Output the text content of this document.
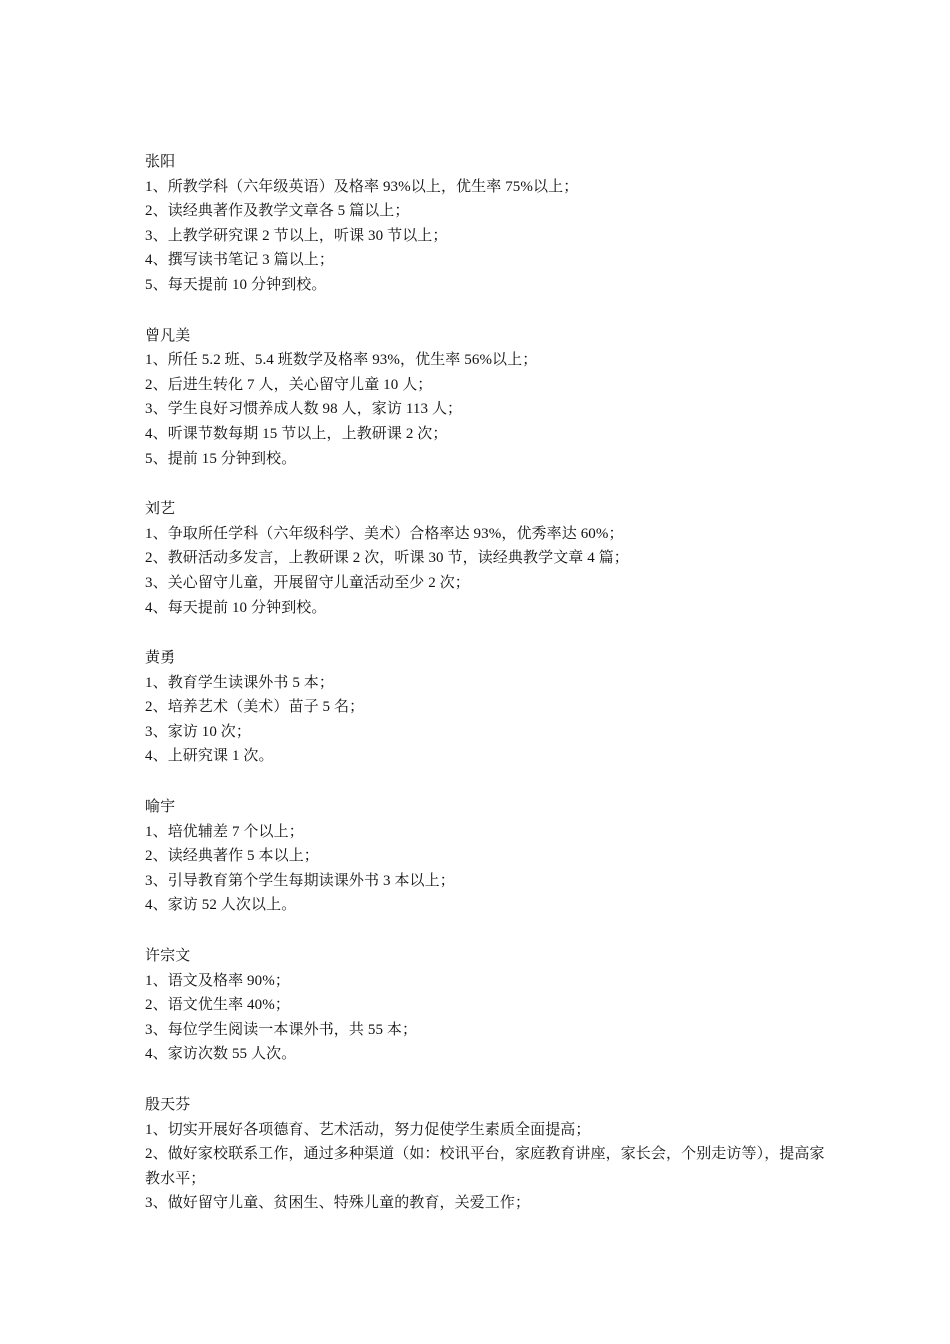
张阳
1、所教学科（六年级英语）及格率 93%以上，优生率 75%以上；
2、读经典著作及教学文章各 5 篇以上；
3、上教学研究课 2 节以上，听课 30 节以上；
4、撰写读书笔记 3 篇以上；
5、每天提前 10 分钟到校。
曾凡美
1、所任 5.2 班、5.4 班数学及格率 93%，优生率 56%以上；
2、后进生转化 7 人，关心留守儿童 10 人；
3、学生良好习惯养成人数 98 人，家访 113 人；
4、听课节数每期 15 节以上，上教研课 2 次；
5、提前 15 分钟到校。
刘艺
1、争取所任学科（六年级科学、美术）合格率达 93%，优秀率达 60%；
2、教研活动多发言，上教研课 2 次，听课 30 节，读经典教学文章 4 篇；
3、关心留守儿童，开展留守儿童活动至少 2 次；
4、每天提前 10 分钟到校。
黄勇
1、教育学生读课外书 5 本；
2、培养艺术（美术）苗子 5 名；
3、家访 10 次；
4、上研究课 1 次。
喻宇
1、培优辅差 7 个以上；
2、读经典著作 5 本以上；
3、引导教育第个学生每期读课外书 3 本以上；
4、家访 52 人次以上。
许宗文
1、语文及格率 90%；
2、语文优生率 40%；
3、每位学生阅读一本课外书，共 55 本；
4、家访次数 55 人次。
殷天芬
1、切实开展好各项德育、艺术活动，努力促使学生素质全面提高；
2、做好家校联系工作，通过多种渠道（如：校讯平台，家庭教育讲座，家长会，个别走访等），提高家教水平；
3、做好留守儿童、贫困生、特殊儿童的教育，关爱工作；
